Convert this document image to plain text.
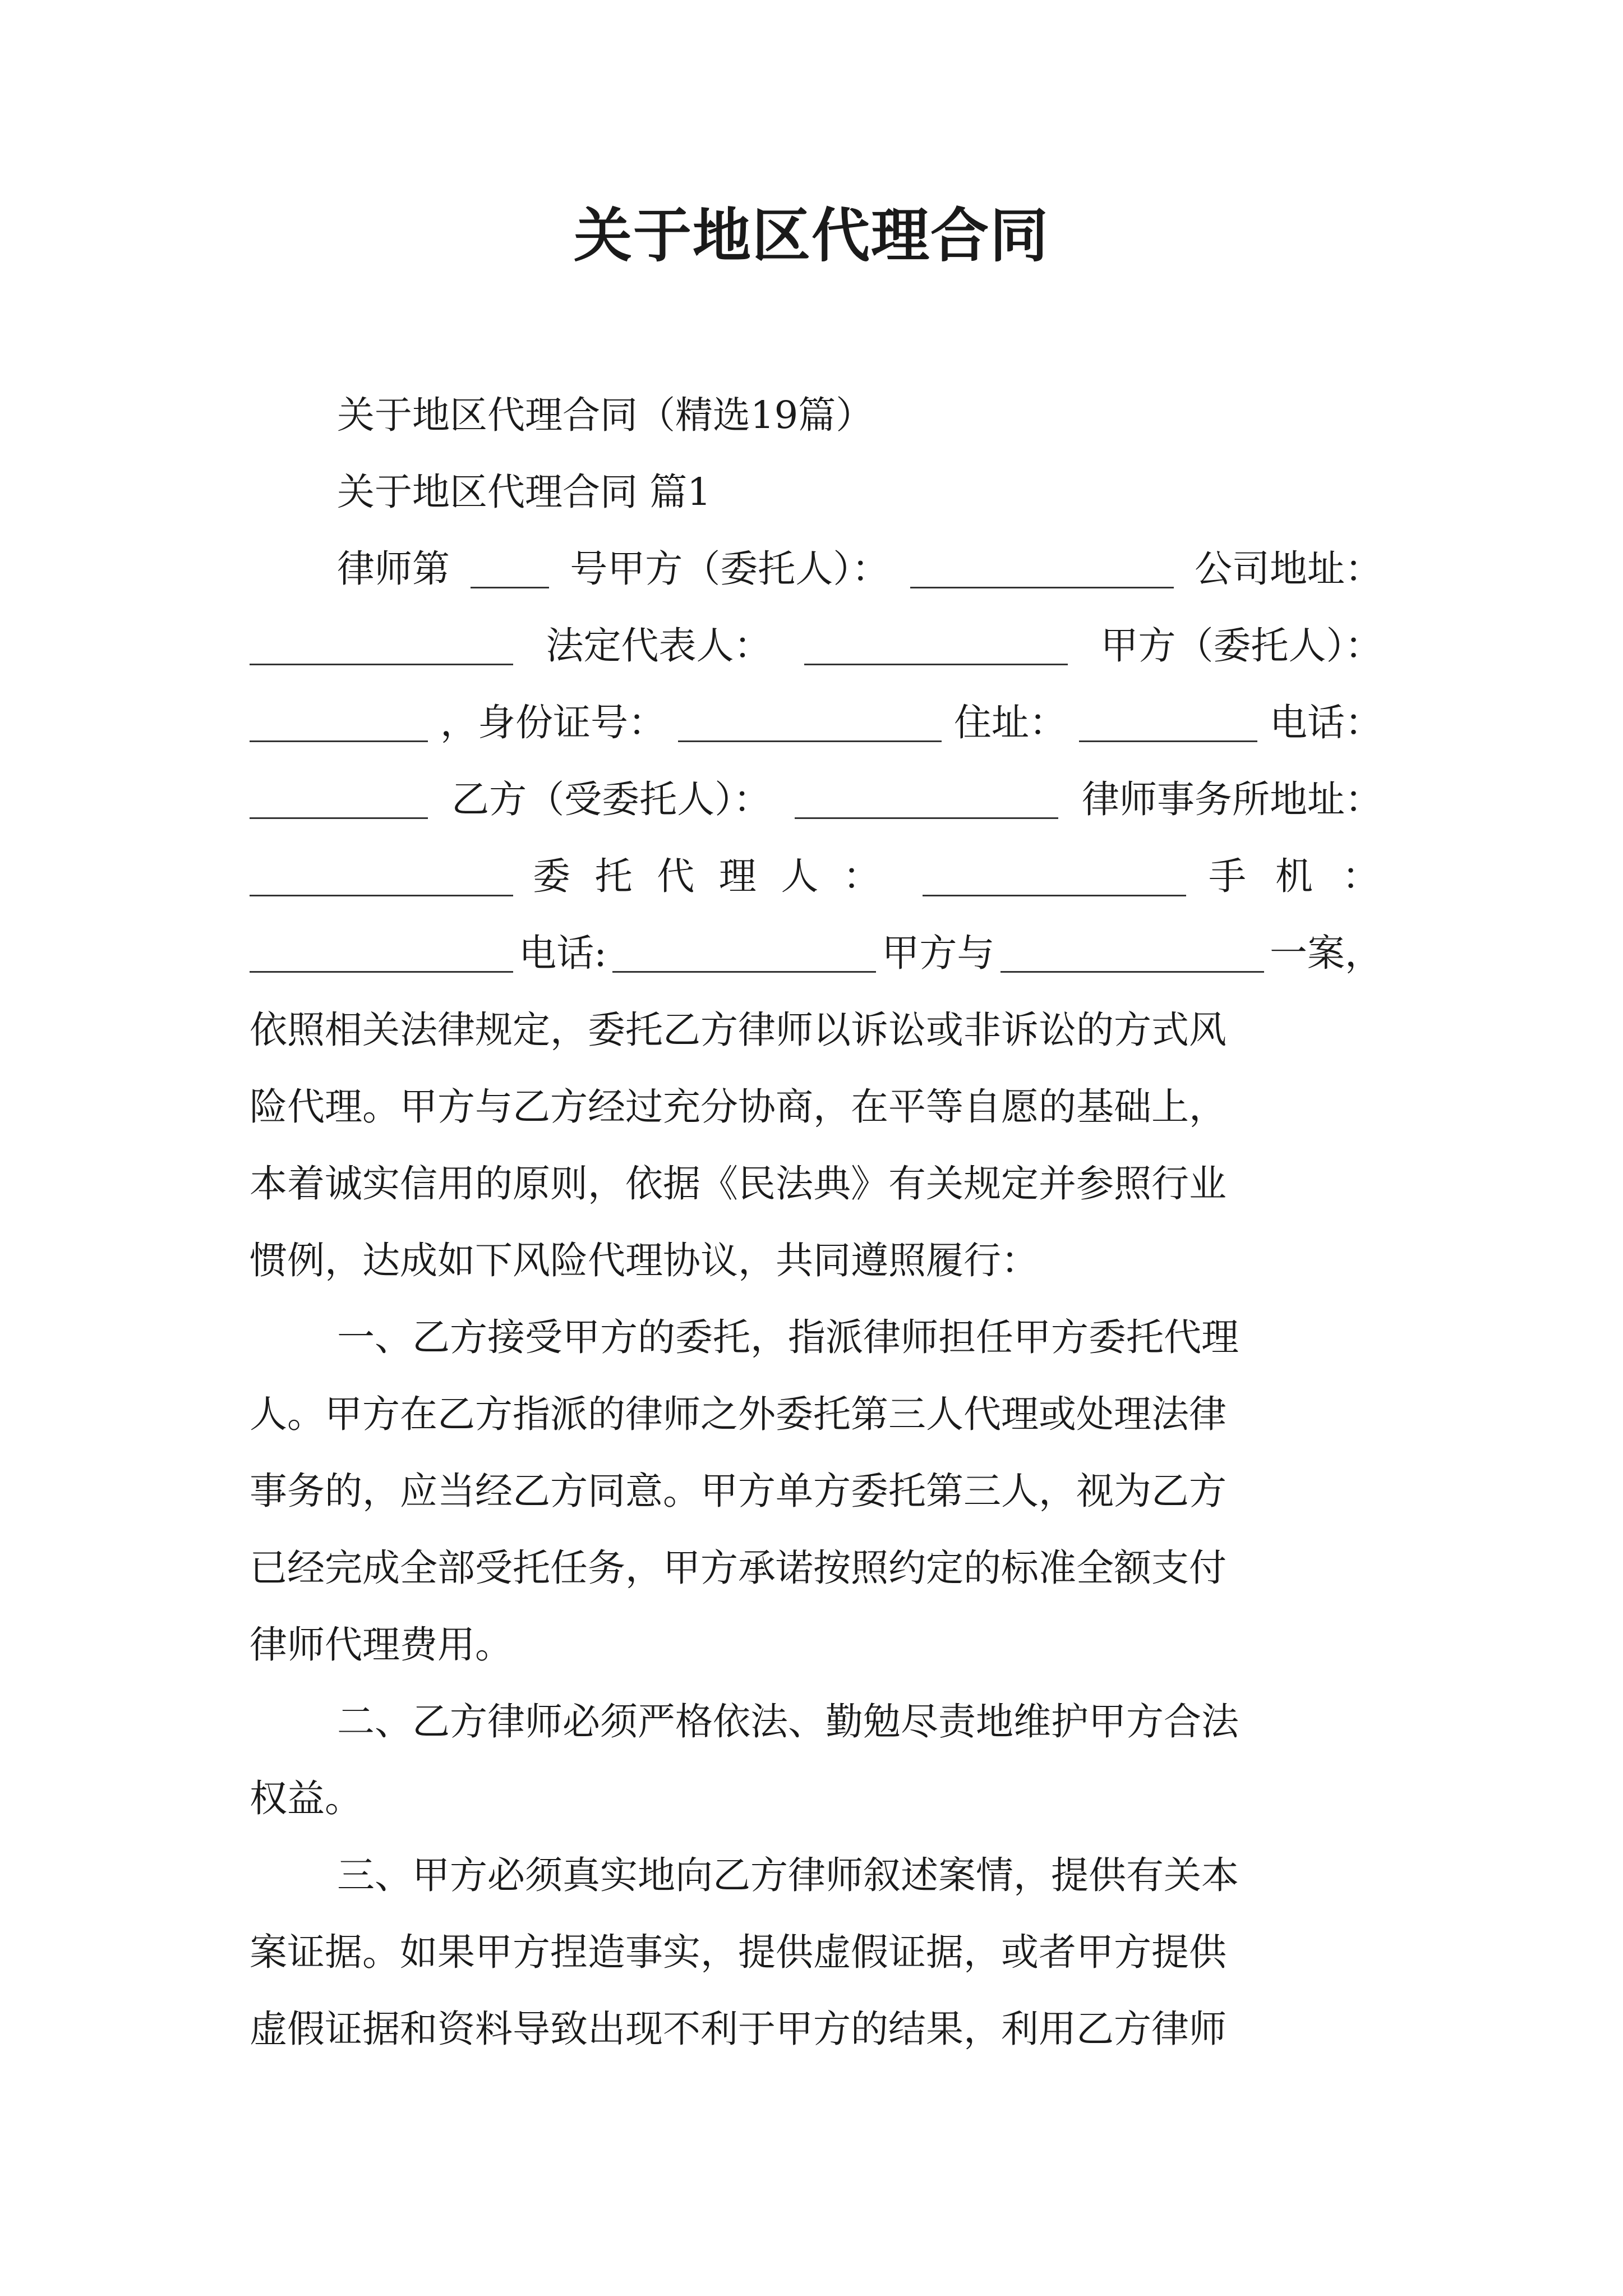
关于地区代理合同

关于地区代理合同（精选19篇）

关于地区代理合同 篇1

律师第	号甲方（委托人）：	公司地址：
法定代表人：	甲方（委托人）：
，身份证号：	住址：	电话：
乙方（受委托人）：	律师事务所地址：
委 托 代 理 人 ：	手 机 ：
电话:	甲方与	一案，

依照相关法律规定，委托乙方律师以诉讼或非诉讼的方式风

险代理。甲方与乙方经过充分协商，在平等自愿的基础上，

本着诚实信用的原则，依据《民法典》有关规定并参照行业

惯例，达成如下风险代理协议，共同遵照履行：

一、乙方接受甲方的委托，指派律师担任甲方委托代理

人。甲方在乙方指派的律师之外委托第三人代理或处理法律

事务的，应当经乙方同意。甲方单方委托第三人，视为乙方

已经完成全部受托任务，甲方承诺按照约定的标准全额支付

律师代理费用。

二、乙方律师必须严格依法、勤勉尽责地维护甲方合法

权益。

三、甲方必须真实地向乙方律师叙述案情，提供有关本

案证据。如果甲方捏造事实，提供虚假证据，或者甲方提供

虚假证据和资料导致出现不利于甲方的结果，利用乙方律师
